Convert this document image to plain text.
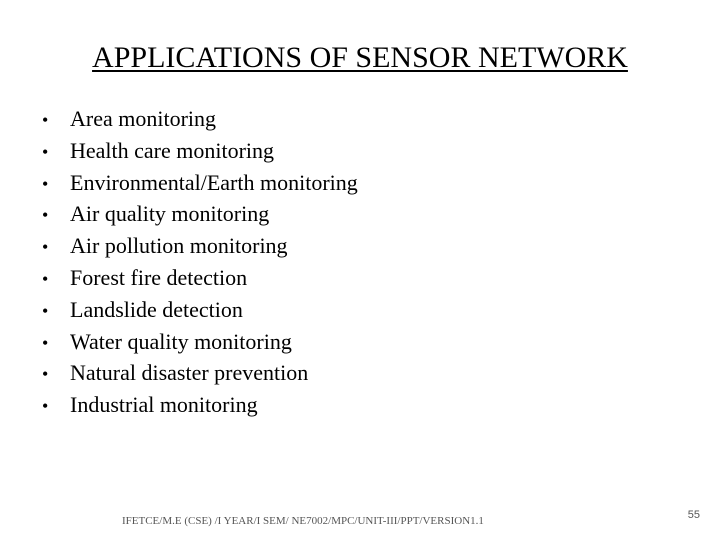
APPLICATIONS OF SENSOR NETWORK
• Area monitoring
• Health care monitoring
• Environmental/Earth monitoring
• Air quality monitoring
• Air pollution monitoring
• Forest fire detection
• Landslide detection
• Water quality monitoring
• Natural disaster prevention
• Industrial monitoring
IFETCE/M.E (CSE) /I YEAR/I SEM/ NE7002/MPC/UNIT-III/PPT/VERSION1.1	55
